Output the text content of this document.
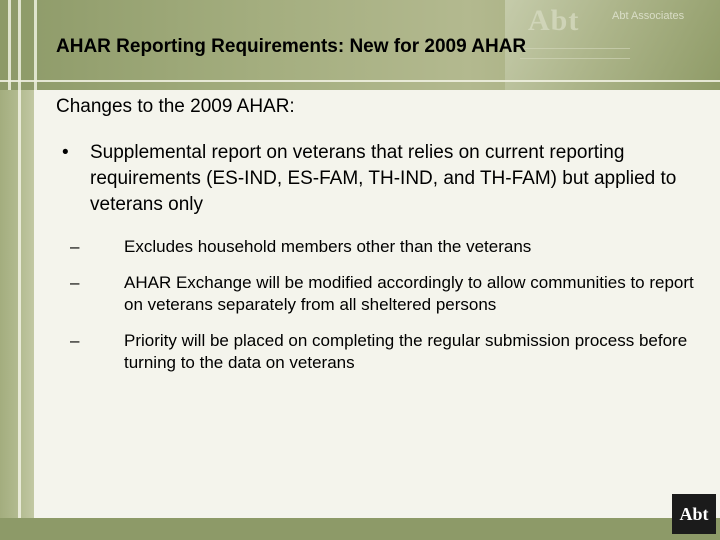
Abt	Abt Associates
AHAR Reporting Requirements: New for 2009 AHAR

Changes to the 2009 AHAR:

•	Supplemental report on veterans that relies on current reporting requirements (ES-IND, ES-FAM, TH-IND, and TH-FAM) but applied to veterans only
–	Excludes household members other than the veterans
–	AHAR Exchange will be modified accordingly to allow communities to report on veterans separately from all sheltered persons
–	Priority will be placed on completing the regular submission process before turning to the data on veterans
Abt
